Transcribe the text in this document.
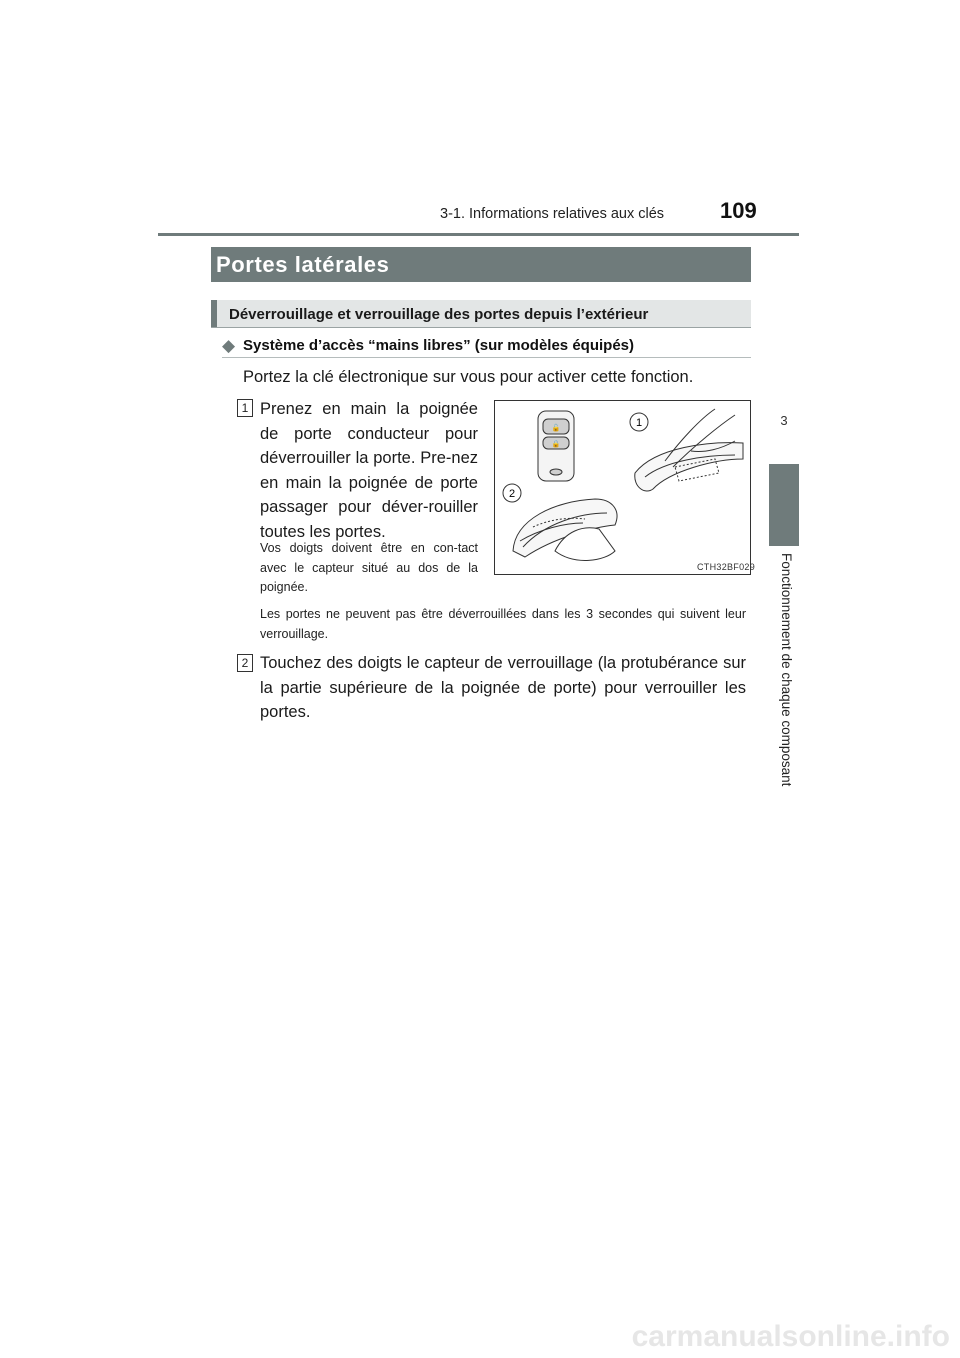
3-1. Informations relatives aux clés	109
3
Fonctionnement de chaque composant
Portes latérales
Déverrouillage et verrouillage des portes depuis l’extérieur
◆ Système d’accès “mains libres” (sur modèles équipés)
Portez la clé électronique sur vous pour activer cette fonction.
1 Prenez en main la poignée de porte conducteur pour déverrouiller la porte. Pre-nez en main la poignée de porte passager pour déver-rouiller toutes les portes.

Vos doigts doivent être en con-tact avec le capteur situé au dos de la poignée.

🔓
🔒
1
2
CTH32BF029

Les portes ne peuvent pas être déverrouillées dans les 3 secondes qui suivent leur verrouillage.

2 Touchez des doigts le capteur de verrouillage (la protubérance sur la partie supérieure de la poignée de porte) pour verrouiller les portes.

carmanualsonline.info
